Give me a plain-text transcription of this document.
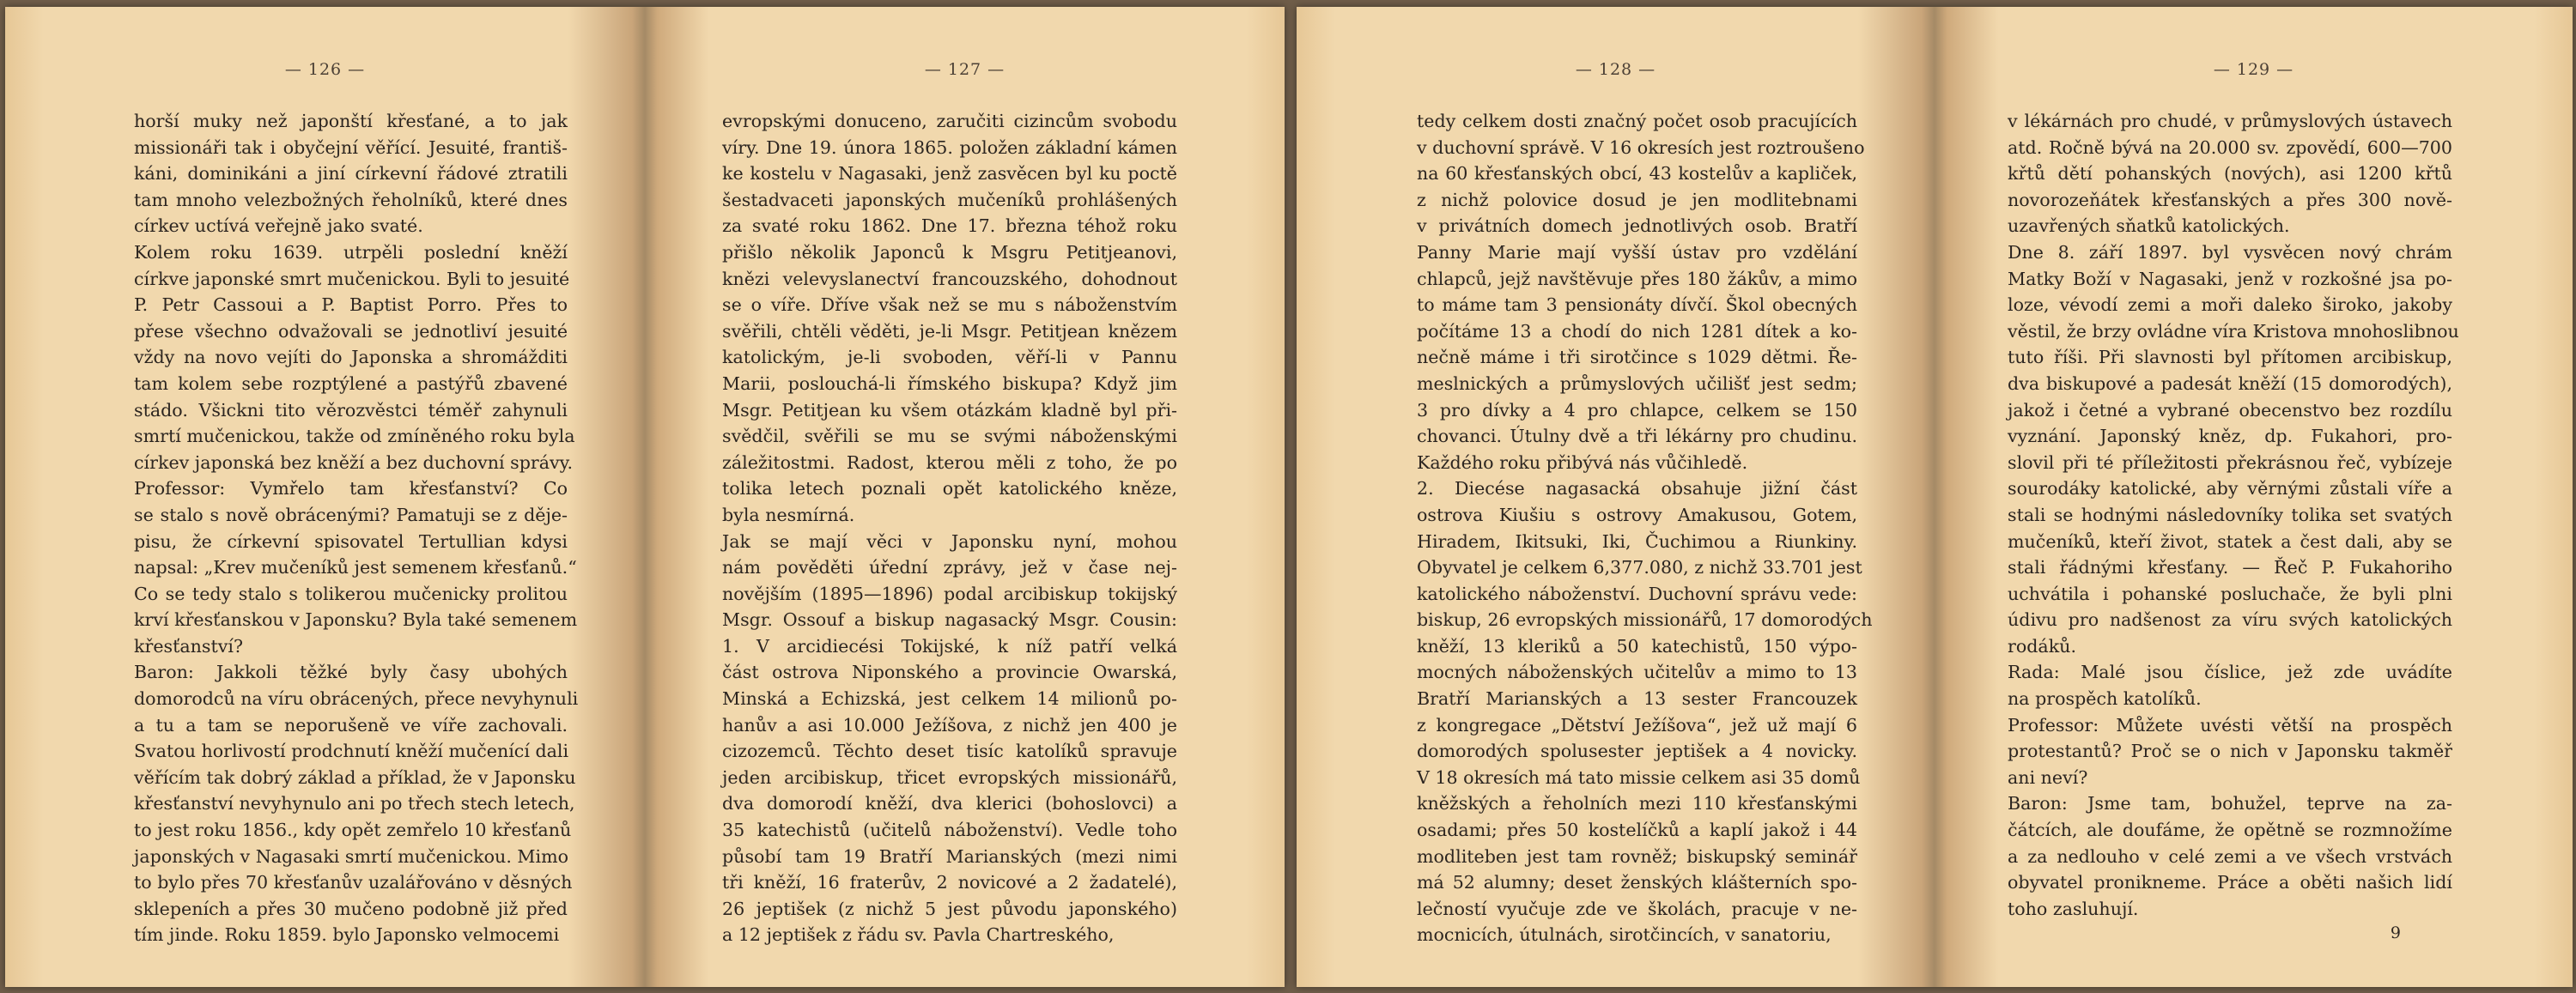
— 126 —

horší muky než japonští křesťané, a to jak

missionáři tak i obyčejní věřící. Jesuité, františ-

káni, dominikáni a jiní církevní řádové ztratili

tam mnoho velezbožných řeholníků, které dnes

církev uctívá veřejně jako svaté.

Kolem roku 1639. utrpěli poslední kněží

církve japonské smrt mučenickou. Byli to jesuité

P. Petr Cassoui a P. Baptist Porro. Přes to

přese všechno odvažovali se jednotliví jesuité

vždy na novo vejíti do Japonska a shromážditi

tam kolem sebe rozptýlené a pastýřů zbavené

stádo. Všickni tito věrozvěstci téměř zahynuli

smrtí mučenickou, takže od zmíněného roku byla

církev japonská bez kněží a bez duchovní správy.

Professor: Vymřelo tam křesťanství? Co

se stalo s nově obrácenými? Pamatuji se z děje-

pisu, že církevní spisovatel Tertullian kdysi

napsal: „Krev mučeníků jest semenem křesťanů.“

Co se tedy stalo s tolikerou mučenicky prolitou

krví křesťanskou v Japonsku? Byla také semenem

křesťanství?

Baron: Jakkoli těžké byly časy ubohých

domorodců na víru obrácených, přece nevyhynuli

a tu a tam se neporušeně ve víře zachovali.

Svatou horlivostí prodchnutí kněží mučenící dali

věřícím tak dobrý základ a příklad, že v Japonsku

křesťanství nevyhynulo ani po třech stech letech,

to jest roku 1856., kdy opět zemřelo 10 křesťanů

japonských v Nagasaki smrtí mučenickou. Mimo

to bylo přes 70 křesťanův uzalářováno v děsných

sklepeních a přes 30 mučeno podobně již před

tím jinde. Roku 1859. bylo Japonsko velmocemi

— 127 —

evropskými donuceno, zaručiti cizincům svobodu

víry. Dne 19. února 1865. položen základní kámen

ke kostelu v Nagasaki, jenž zasvěcen byl ku poctě

šestadvaceti japonských mučeníků prohlášených

za svaté roku 1862. Dne 17. března téhož roku

přišlo několik Japonců k Msgru Petitjeanovi,

knězi velevyslanectví francouzského, dohodnout

se o víře. Dříve však než se mu s náboženstvím

svěřili, chtěli věděti, je-li Msgr. Petitjean knězem

katolickým, je-li svoboden, věří-li v Pannu

Marii, poslouchá-li římského biskupa? Když jim

Msgr. Petitjean ku všem otázkám kladně byl při-

svědčil, svěřili se mu se svými náboženskými

záležitostmi. Radost, kterou měli z toho, že po

tolika letech poznali opět katolického kněze,

byla nesmírná.

Jak se mají věci v Japonsku nyní, mohou

nám pověděti úřední zprávy, jež v čase nej-

novějším (1895—1896) podal arcibiskup tokijský

Msgr. Ossouf a biskup nagasacký Msgr. Cousin:

1. V arcidiecési Tokijské, k níž patří velká

část ostrova Niponského a provincie Owarská,

Minská a Echizská, jest celkem 14 milionů po-

hanův a asi 10.000 Ježíšova, z nichž jen 400 je

cizozemců. Těchto deset tisíc katolíků spravuje

jeden arcibiskup, třicet evropských missionářů,

dva domorodí kněží, dva klerici (bohoslovci) a

35 katechistů (učitelů náboženství). Vedle toho

působí tam 19 Bratří Marianských (mezi nimi

tři kněží, 16 fraterův, 2 novicové a 2 žadatelé),

26 jeptišek (z nichž 5 jest původu japonského)

a 12 jeptišek z řádu sv. Pavla Chartreského,

— 128 —

tedy celkem dosti značný počet osob pracujících

v duchovní správě. V 16 okresích jest roztroušeno

na 60 křesťanských obcí, 43 kostelův a kapliček,

z nichž polovice dosud je jen modlitebnami

v privátních domech jednotlivých osob. Bratří

Panny Marie mají vyšší ústav pro vzdělání

chlapců, jejž navštěvuje přes 180 žákův, a mimo

to máme tam 3 pensionáty dívčí. Škol obecných

počítáme 13 a chodí do nich 1281 dítek a ko-

nečně máme i tři sirotčince s 1029 dětmi. Ře-

meslnických a průmyslových učilišť jest sedm;

3 pro dívky a 4 pro chlapce, celkem se 150

chovanci. Útulny dvě a tři lékárny pro chudinu.

Každého roku přibývá nás vůčihledě.

2. Diecése nagasacká obsahuje jižní část

ostrova Kiušiu s ostrovy Amakusou, Gotem,

Hiradem, Ikitsuki, Iki, Čuchimou a Riunkiny.

Obyvatel je celkem 6,377.080, z nichž 33.701 jest

katolického náboženství. Duchovní správu vede:

biskup, 26 evropských missionářů, 17 domorodých

kněží, 13 kleriků a 50 katechistů, 150 výpo-

mocných náboženských učitelův a mimo to 13

Bratří Marianských a 13 sester Francouzek

z kongregace „Dětství Ježíšova“, jež už mají 6

domorodých spolusester jeptišek a 4 novicky.

V 18 okresích má tato missie celkem asi 35 domů

kněžských a řeholních mezi 110 křesťanskými

osadami; přes 50 kostelíčků a kaplí jakož i 44

modliteben jest tam rovněž; biskupský seminář

má 52 alumny; deset ženských klášterních spo-

lečností vyučuje zde ve školách, pracuje v ne-

mocnicích, útulnách, sirotčincích, v sanatoriu,

— 129 —

v lékárnách pro chudé, v průmyslových ústavech

atd. Ročně bývá na 20.000 sv. zpovědí, 600—700

křtů dětí pohanských (nových), asi 1200 křtů

novorozeňátek křesťanských a přes 300 nově-

uzavřených sňatků katolických.

Dne 8. září 1897. byl vysvěcen nový chrám

Matky Boží v Nagasaki, jenž v rozkošné jsa po-

loze, vévodí zemi a moři daleko široko, jakoby

věstil, že brzy ovládne víra Kristova mnohoslibnou

tuto říši. Při slavnosti byl přítomen arcibiskup,

dva biskupové a padesát kněží (15 domorodých),

jakož i četné a vybrané obecenstvo bez rozdílu

vyznání. Japonský kněz, dp. Fukahori, pro-

slovil při té příležitosti překrásnou řeč, vybízeje

sourodáky katolické, aby věrnými zůstali víře a

stali se hodnými následovníky tolika set svatých

mučeníků, kteří život, statek a čest dali, aby se

stali řádnými křesťany. — Řeč P. Fukahoriho

uchvátila i pohanské posluchače, že byli plni

údivu pro nadšenost za víru svých katolických

rodáků.

Rada: Malé jsou číslice, jež zde uvádíte

na prospěch katolíků.

Professor: Můžete uvésti větší na prospěch

protestantů? Proč se o nich v Japonsku takměř

ani neví?

Baron: Jsme tam, bohužel, teprve na za-

čátcích, ale doufáme, že opětně se rozmnožíme

a za nedlouho v celé zemi a ve všech vrstvách

obyvatel pronikneme. Práce a oběti našich lidí

toho zasluhují.

9
